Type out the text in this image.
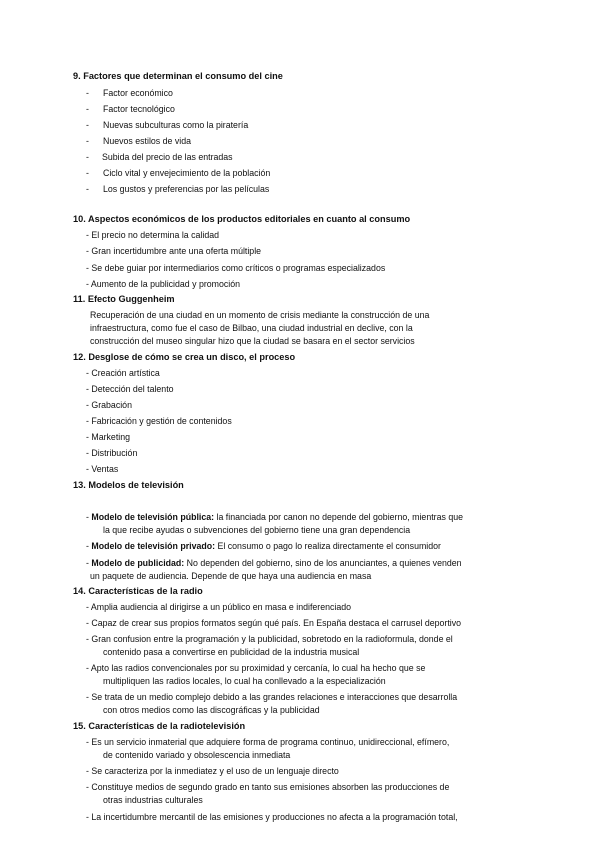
9. Factores que determinan el consumo del cine
- Factor económico
- Factor tecnológico
- Nuevas subculturas como la piratería
- Nuevos estilos de vida
- Subida del precio de las entradas
- Ciclo vital y envejecimiento de la población
- Los gustos y preferencias por las películas
10. Aspectos económicos de los productos editoriales en cuanto al consumo
- El precio no determina la calidad
- Gran incertidumbre ante una oferta múltiple
- Se debe guiar por intermediarios como críticos o programas especializados
- Aumento de la publicidad y promoción
11. Efecto Guggenheim
Recuperación de una ciudad en un momento de crisis mediante la construcción de una
infraestructura, como fue el caso de Bilbao, una ciudad industrial en declive, con la
construcción del museo singular hizo que la ciudad se basara en el sector servicios
12. Desglose de cómo se crea un disco, el proceso
- Creación artística
- Detección del talento
- Grabación
- Fabricación y gestión de contenidos
- Marketing
- Distribución
- Ventas
13. Modelos de televisión
- Modelo de televisión pública: la financiada por canon no depende del gobierno, mientras que
la que recibe ayudas o subvenciones del gobierno tiene una gran dependencia
- Modelo de televisión privado: El consumo o pago lo realiza directamente el consumidor
- Modelo de publicidad: No dependen del gobierno, sino de los anunciantes, a quienes venden
un paquete de audiencia. Depende de que haya una audiencia en masa
14. Características de la radio
- Amplia audiencia al dirigirse a un público en masa e indiferenciado
- Capaz de crear sus propios formatos según qué país. En España destaca el carrusel deportivo
- Gran confusion entre la programación y la publicidad, sobretodo en la radioformula, donde el
contenido pasa a convertirse en publicidad de la industria musical
- Apto las radios convencionales por su proximidad y cercanía, lo cual ha hecho que se
multipliquen las radios locales, lo cual ha conllevado a la especialización
- Se trata de un medio complejo debido a las grandes relaciones e interacciones que desarrolla
con otros medios como las discográficas y la publicidad
15. Características de la radiotelevisión
- Es un servicio inmaterial que adquiere forma de programa continuo, unidireccional, efímero,
de contenido variado y obsolescencia inmediata
- Se caracteriza por la inmediatez y el uso de un lenguaje directo
- Constituye medios de segundo grado en tanto sus emisiones absorben las producciones de
otras industrias culturales
- La incertidumbre mercantil de las emisiones y producciones no afecta a la programación total,
